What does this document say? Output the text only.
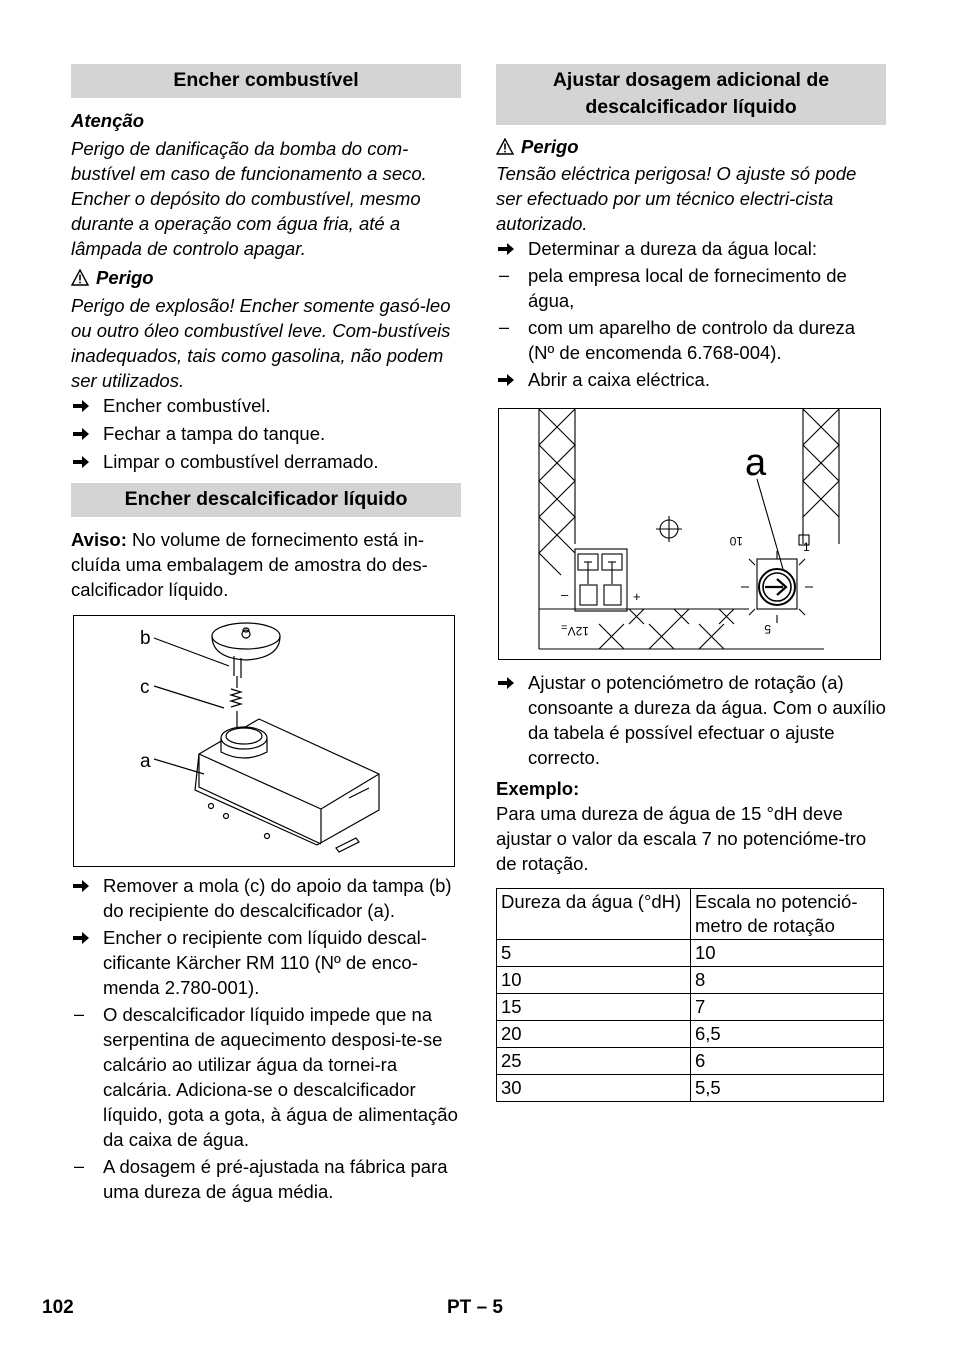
Encher combustível

Atenção

Perigo de danificação da bomba do com-bustível em caso de funcionamento a seco. Encher o depósito do combustível, mesmo durante a operação com água fria, até a lâmpada de controlo apagar.

Perigo

Perigo de explosão! Encher somente gasó-leo ou outro óleo combustível leve. Com-bustíveis inadequados, tais como gasolina, não podem ser utilizados.

Encher combustível.
Fechar a tampa do tanque.
Limpar o combustível derramado.
Encher descalcificador líquido

Aviso: No volume de fornecimento está in-cluída uma embalagem de amostra do des-calcificador líquido.

b
c
a
Remover a mola (c) do apoio da tampa (b) do recipiente do descalcificador (a).
Encher o recipiente com líquido descal-cificante Kärcher RM 110 (Nº de enco-menda 2.780-001).
–	O descalcificador líquido impede que na serpentina de aquecimento desposi-te-se calcário ao utilizar água da tornei-ra calcária. Adiciona-se o descalcificador líquido, gota a gota, à água de alimentação da caixa de água.
–	A dosagem é pré-ajustada na fábrica para uma dureza de água média.
Ajustar dosagem adicional de descalcificador líquido
Perigo

Tensão eléctrica perigosa! O ajuste só pode ser efectuado por um técnico electri-cista autorizado.

Determinar a dureza da água local:
–	pela empresa local de fornecimento de água,
–	com um aparelho de controlo da dureza (Nº de encomenda 6.768-004).
Abrir a caixa eléctrica.
a
10	1
5
12V
–	+
=
Ajustar o potenciómetro de rotação (a) consoante a dureza da água. Com o auxílio da tabela é possível efectuar o ajuste correcto.

Exemplo:

Para uma dureza de água de 15 °dH deve ajustar o valor da escala 7 no potencióme-tro de rotação.

Dureza da água (°dH)	Escala no potenció-metro de rotação
5	10
10	8
15	7
20	6,5
25	6
30	5,5
102	PT – 5
